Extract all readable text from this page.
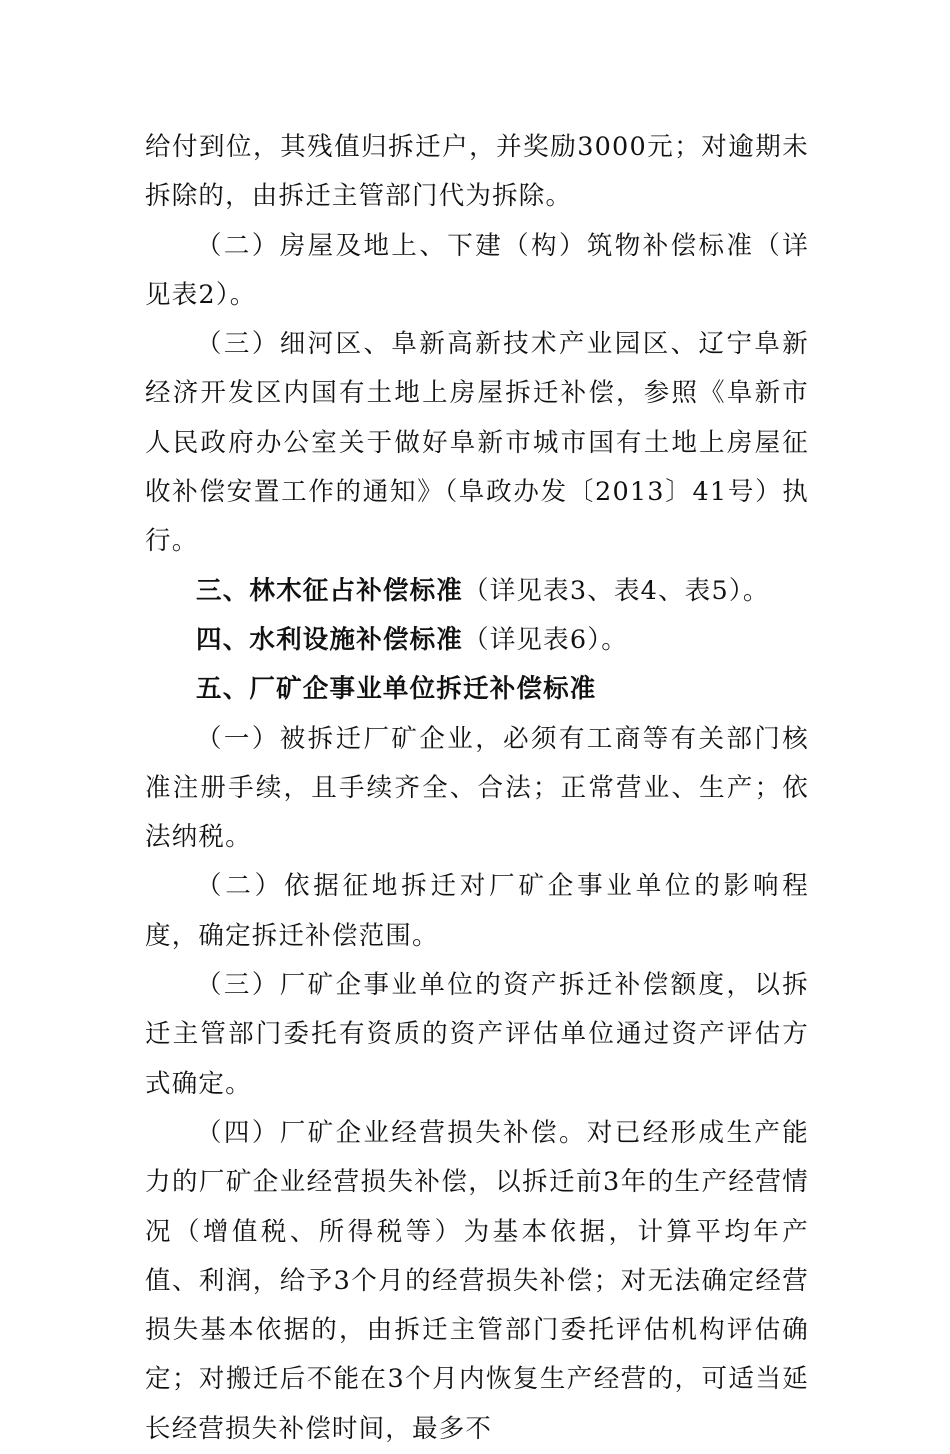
给付到位，其残值归拆迁户，并奖励3000元；对逾期未拆除的，由拆迁主管部门代为拆除。

（二）房屋及地上、下建（构）筑物补偿标准（详见表2）。

（三）细河区、阜新高新技术产业园区、辽宁阜新经济开发区内国有土地上房屋拆迁补偿，参照《阜新市人民政府办公室关于做好阜新市城市国有土地上房屋征收补偿安置工作的通知》（阜政办发〔2013〕41号）执行。

三、林木征占补偿标准（详见表3、表4、表5）。

四、水利设施补偿标准（详见表6）。

五、厂矿企事业单位拆迁补偿标准

（一）被拆迁厂矿企业，必须有工商等有关部门核准注册手续，且手续齐全、合法；正常营业、生产；依法纳税。

（二）依据征地拆迁对厂矿企事业单位的影响程度，确定拆迁补偿范围。

（三）厂矿企事业单位的资产拆迁补偿额度，以拆迁主管部门委托有资质的资产评估单位通过资产评估方式确定。

（四）厂矿企业经营损失补偿。对已经形成生产能力的厂矿企业经营损失补偿，以拆迁前3年的生产经营情况（增值税、所得税等）为基本依据，计算平均年产值、利润，给予3个月的经营损失补偿；对无法确定经营损失基本依据的，由拆迁主管部门委托评估机构评估确定；对搬迁后不能在3个月内恢复生产经营的，可适当延长经营损失补偿时间，最多不
